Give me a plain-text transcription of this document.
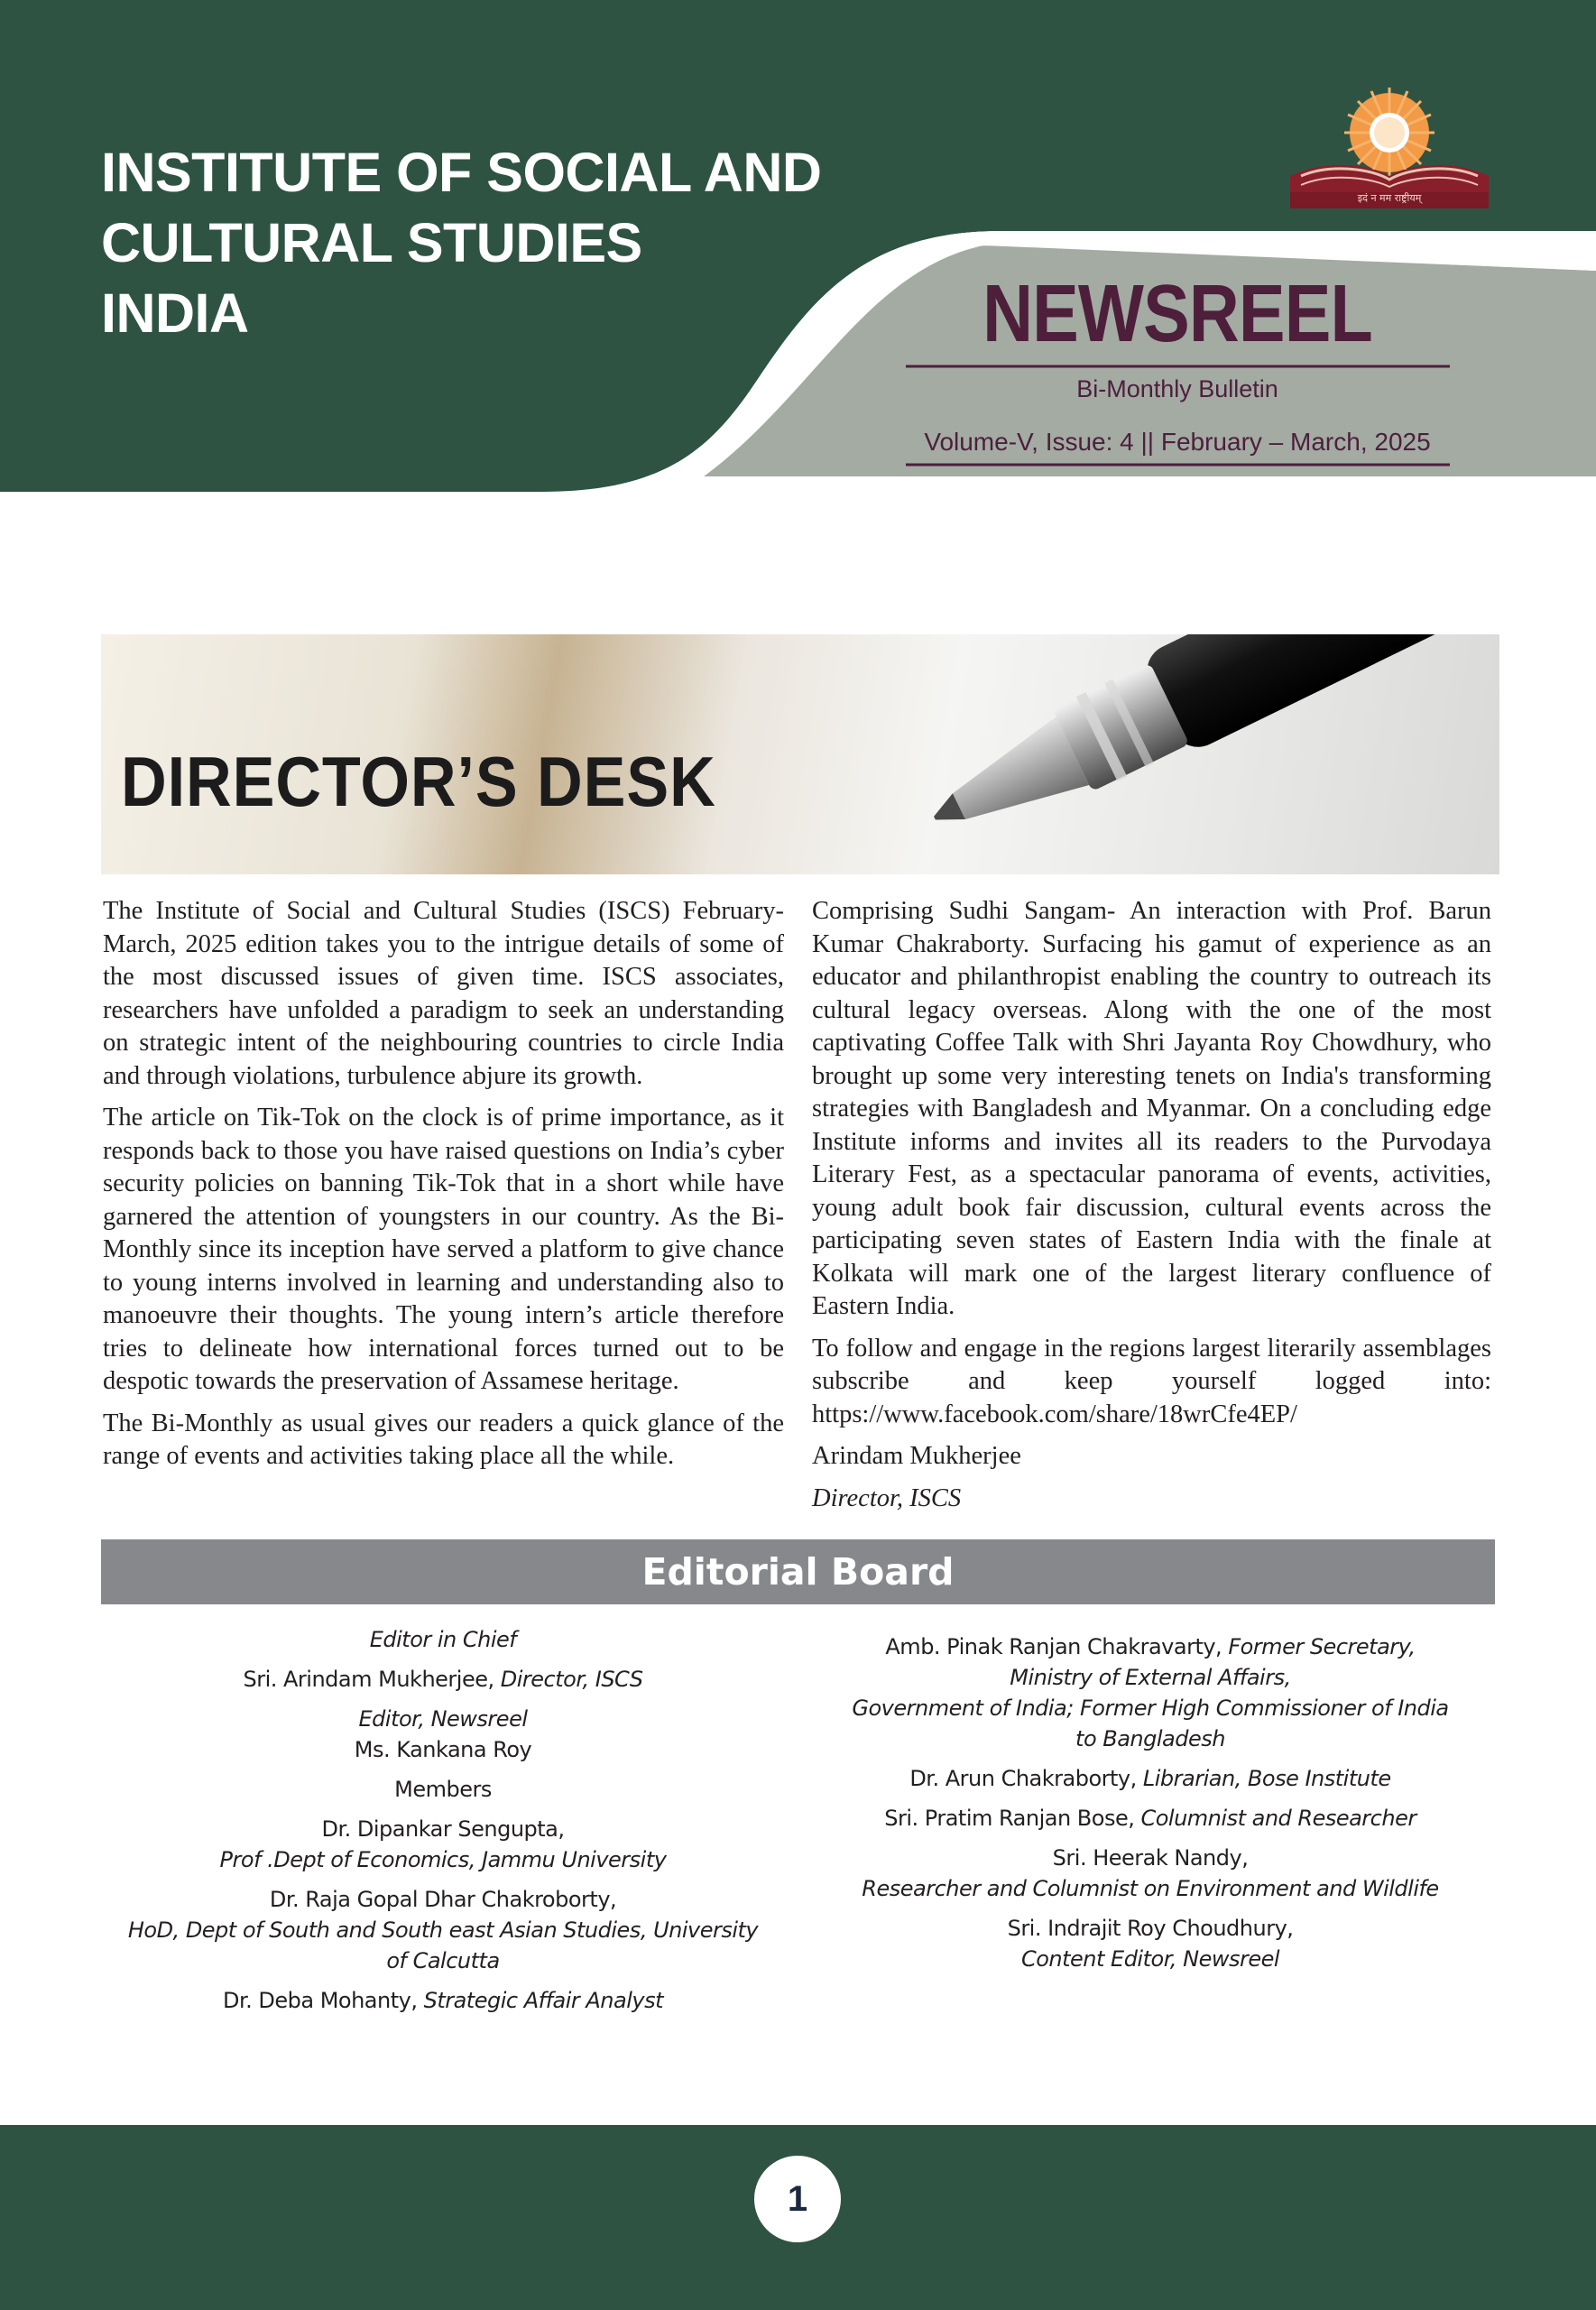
इदं न मम राष्ट्रीयम्
INSTITUTE OF SOCIAL AND
CULTURAL STUDIES
INDIA	NEWSREEL
Bi-Monthly Bulletin
Volume-V, Issue: 4 || February – March, 2025
DIRECTOR’S DESK

The Institute of Social and Cultural Studies (ISCS) February-March, 2025 edition takes you to the intrigue details of some of the most discussed issues of given time. ISCS associates, researchers have unfolded a paradigm to seek an understanding on strategic intent of the neighbouring countries to circle India and through violations, turbulence abjure its growth.

The article on Tik-Tok on the clock is of prime importance, as it responds back to those you have raised questions on India’s cyber security policies on banning Tik-Tok that in a short while have garnered the attention of youngsters in our country. As the Bi-Monthly since its inception have served a platform to give chance to young interns involved in learning and understanding also to manoeuvre their thoughts. The young intern’s article therefore tries to delineate how international forces turned out to be despotic towards the preservation of Assamese heritage.

The Bi-Monthly as usual gives our readers a quick glance of the range of events and activities taking place all the while.

Comprising Sudhi Sangam- An interaction with Prof. Barun Kumar Chakraborty. Surfacing his gamut of experience as an educator and philanthropist enabling the country to outreach its cultural legacy overseas. Along with the one of the most captivating Coffee Talk with Shri Jayanta Roy Chowdhury, who brought up some very interesting tenets on India's transforming strategies with Bangladesh and Myanmar. On a concluding edge Institute informs and invites all its readers to the Purvodaya Literary Fest, as a spectacular panorama of events, activities, young adult book fair discussion, cultural events across the participating seven states of Eastern India with the finale at Kolkata will mark one of the largest literary confluence of Eastern India.

To follow and engage in the regions largest literarily assemblages subscribe and keep yourself logged into: https://www.facebook.com/share/18wrCfe4EP/

Arindam Mukherjee

Director, ISCS

Editorial Board
Editor in Chief
Sri. Arindam Mukherjee, Director, ISCS
Editor, Newsreel
Ms. Kankana Roy
Members
Dr. Dipankar Sengupta,
Prof .Dept of Economics, Jammu University
Dr. Raja Gopal Dhar Chakroborty,
HoD, Dept of South and South east Asian Studies, University of Calcutta
Dr. Deba Mohanty, Strategic Affair Analyst
Amb. Pinak Ranjan Chakravarty, Former Secretary,
Ministry of External Affairs,
Government of India; Former High Commissioner of India to Bangladesh
Dr. Arun Chakraborty, Librarian, Bose Institute
Sri. Pratim Ranjan Bose, Columnist and Researcher
Sri. Heerak Nandy,
Researcher and Columnist on Environment and Wildlife
Sri. Indrajit Roy Choudhury,
Content Editor, Newsreel
1
